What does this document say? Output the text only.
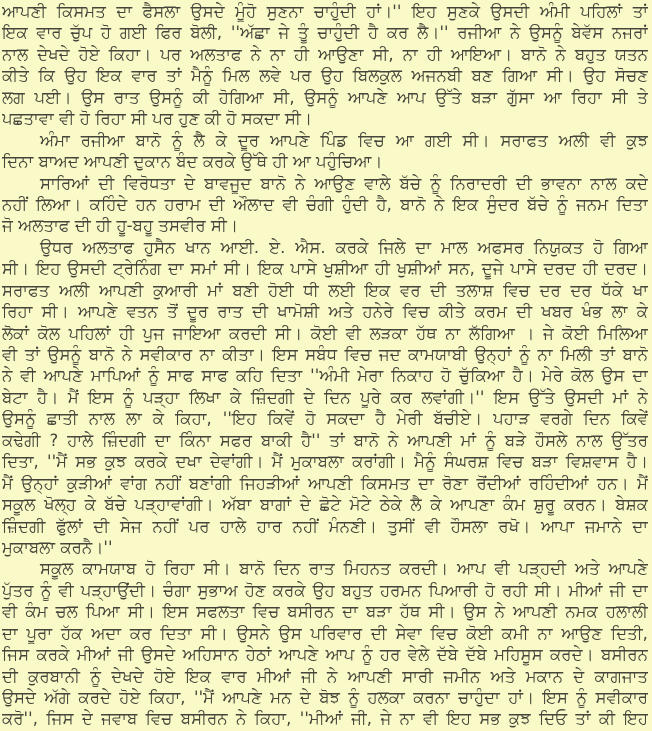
ਆਪਣੀ ਕਿਸਮਤ ਦਾ ਫੈਸਲਾ ਉਸਦੇ ਮੂੰਹੋ ਸੁਣਨਾ ਚਾਹੁੰਦੀ ਹਾਂ।'' ਇਹ ਸੁਣਕੇ ਉਸਦੀ ਅੰਮੀ ਪਹਿਲਾਂ ਤਾਂ
ਇਕ ਵਾਰ ਚੁੱਪ ਹੋ ਗਈ ਫਿਰ ਬੋਲੀ, ''ਅੱਛਾ ਜੇ ਤੂੰ ਚਾਹੁੰਦੀ ਹੈ ਕਰ ਲੈ।'' ਰਜੀਆ ਨੇ ਉਸਨੂੰ ਬੇਵੱਸ ਨਜਰਾਂ
ਨਾਲ ਦੇਖਦੇ ਹੋਏ ਕਿਹਾ। ਪਰ ਅਲਤਾਫ ਨੇ ਨਾ ਹੀ ਆਉਣਾ ਸੀ, ਨਾ ਹੀ ਆਇਆ। ਬਾਨੋ ਨੇ ਬਹੁਤ ਯਤਨ
ਕੀਤੇ ਕਿ ਉਹ ਇਕ ਵਾਰ ਤਾਂ ਮੈਨੂੰ ਮਿਲ ਲਵੇ ਪਰ ਉਹ ਬਿਲਕੁਲ ਅਜਨਬੀ ਬਣ ਗਿਆ ਸੀ। ਉਹ ਸੋਚਣ
ਲਗ ਪਈ। ਉਸ ਰਾਤ ਉਸਨੂੰ ਕੀ ਹੋਗਿਆ ਸੀ, ਉਸਨੂੰ ਆਪਣੇ ਆਪ ਉੱਤੇ ਬੜਾ ਗੁੱਸਾ ਆ ਰਿਹਾ ਸੀ ਤੇ
ਪਛਤਾਵਾ ਵੀ ਹੋ ਰਿਹਾ ਸੀ ਪਰ ਹੁਣ ਕੀ ਹੋ ਸਕਦਾ ਸੀ।
ਅੰਮਾ ਰਜੀਆ ਬਾਨੋ ਨੂੰ ਲੈ ਕੇ ਦੂਰ ਆਪਣੇ ਪਿੰਡ ਵਿਚ ਆ ਗਈ ਸੀ। ਸਰਾਫਤ ਅਲੀ ਵੀ ਕੁਝ
ਦਿਨਾ ਬਾਅਦ ਆਪਣੀ ਦੁਕਾਨ ਬੰਦ ਕਰਕੇ ਉੱਥੇ ਹੀ ਆ ਪਹੁੰਚਿਆ।
ਸਾਰਿਆਂ ਦੀ ਵਿਰੋਧਤਾ ਦੇ ਬਾਵਜੂਦ ਬਾਨੋ ਨੇ ਆਉਣ ਵਾਲੇ ਬੱਚੇ ਨੂੰ ਨਿਰਾਦਰੀ ਦੀ ਭਾਵਨਾ ਨਾਲ ਕਦੇ
ਨਹੀਂ ਲਿਆ। ਕਹਿੰਦੇ ਹਨ ਹਰਾਮ ਦੀ ਔਲਾਦ ਵੀ ਚੰਗੀ ਹੁੰਦੀ ਹੈ, ਬਾਨੋ ਨੇ ਇਕ ਸੁੰਦਰ ਬੱਚੇ ਨੂੰ ਜਨਮ ਦਿਤਾ
ਜੋ ਅਲਤਾਫ ਦੀ ਹੀ ਹੂ-ਬਹੂ ਤਸਵੀਰ ਸੀ।
ਉਧਰ ਅਲਤਾਫ ਹੁਸੈਨ ਖਾਨ ਆਈ. ਏ. ਐਸ. ਕਰਕੇ ਜਿਲੇ ਦਾ ਮਾਲ ਅਫਸਰ ਨਿਯੁਕਤ ਹੋ ਗਿਆ
ਸੀ। ਇਹ ਉਸਦੀ ਟ੍ਰੇਨਿੰਗ ਦਾ ਸਮਾਂ ਸੀ। ਇਕ ਪਾਸੇ ਖੁਸ਼ੀਆ ਹੀ ਖੁਸ਼ੀਆਂ ਸਨ, ਦੂਜੇ ਪਾਸੇ ਦਰਦ ਹੀ ਦਰਦ।
ਸਰਾਫਤ ਅਲੀ ਆਪਣੀ ਕੁਆਰੀ ਮਾਂ ਬਣੀ ਹੋਈ ਧੀ ਲਈ ਇਕ ਵਰ ਦੀ ਤਲਾਸ਼ ਵਿਚ ਦਰ ਦਰ ਧੱਕੇ ਖਾ
ਰਿਹਾ ਸੀ। ਆਪਣੇ ਵਤਨ ਤੋਂ ਦੂਰ ਰਾਤ ਦੀ ਖਾਮੋਸ਼ੀ ਅਤੇ ਹਨੇਰੇ ਵਿਚ ਕੀਤੇ ਕਰਮ ਦੀ ਖਬਰ ਖੰਭ ਲਾ ਕੇ
ਲੋਕਾਂ ਕੋਲ ਪਹਿਲਾਂ ਹੀ ਪੁਜ ਜਾਇਆ ਕਰਦੀ ਸੀ। ਕੋਈ ਵੀ ਲੜਕਾ ਹੱਥ ਨਾ ਲੱਗਿਆ । ਜੇ ਕੋਈ ਮਿਲਿਆ
ਵੀ ਤਾਂ ਉਸਨੂੰ ਬਾਨੋ ਨੇ ਸਵੀਕਾਰ ਨਾ ਕੀਤਾ। ਇਸ ਸਬੰਧ ਵਿਚ ਜਦ ਕਾਮਯਾਬੀ ਉਨ੍ਹਾਂ ਨੂੰ ਨਾ ਮਿਲੀ ਤਾਂ ਬਾਨੋ
ਨੇ ਵੀ ਆਪਣੇ ਮਾਪਿਆਂ ਨੂੰ ਸਾਫ ਸਾਫ ਕਹਿ ਦਿਤਾ ''ਅੰਮੀ ਮੇਰਾ ਨਿਕਾਹ ਹੋ ਚੁੱਕਿਆ ਹੈ। ਮੇਰੇ ਕੋਲ ਉਸ ਦਾ
ਬੇਟਾ ਹੈ। ਮੈਂ ਇਸ ਨੂੰ ਪੜ੍ਹਾ ਲਿਖਾ ਕੇ ਜ਼ਿੰਦਗੀ ਦੇ ਦਿਨ ਪੂਰੇ ਕਰ ਲਵਾਂਗੀ।'' ਇਸ ਉੱਤੇ ਉਸਦੀ ਮਾਂ ਨੇ
ਉਸਨੂੰ ਛਾਤੀ ਨਾਲ ਲਾ ਕੇ ਕਿਹਾ, ''ਇਹ ਕਿਵੇਂ ਹੋ ਸਕਦਾ ਹੈ ਮੇਰੀ ਬੱਚੀਏ। ਪਹਾੜ ਵਰਗੇ ਦਿਨ ਕਿਵੇਂ
ਕਢੇਗੀ ? ਹਾਲੇ ਜ਼ਿੰਦਗੀ ਦਾ ਕਿੰਨਾ ਸਫਰ ਬਾਕੀ ਹੈ'' ਤਾਂ ਬਾਨੋ ਨੇ ਆਪਣੀ ਮਾਂ ਨੂੰ ਬੜੇ ਹੌਸਲੇ ਨਾਲ ਉੱਤਰ
ਦਿਤਾ, ''ਮੈਂ ਸਭ ਕੁਝ ਕਰਕੇ ਦਖਾ ਦੇਵਾਂਗੀ। ਮੈਂ ਮੁਕਾਬਲਾ ਕਰਾਂਗੀ। ਮੈਨੂੰ ਸੰਘਰਸ਼ ਵਿਚ ਬੜਾ ਵਿਸ਼ਵਾਸ ਹੈ।
ਮੈਂ ਉਨ੍ਹਾਂ ਕੁੜੀਆਂ ਵਾਂਗ ਨਹੀਂ ਬਣਾਂਗੀ ਜਿਹੜੀਆਂ ਆਪਣੀ ਕਿਸਮਤ ਦਾ ਰੋਣਾ ਰੋਂਦੀਆਂ ਰਹਿੰਦੀਆਂ ਹਨ। ਮੈਂ
ਸਕੂਲ ਖੋਲ੍ਹ ਕੇ ਬੱਚੇ ਪੜ੍ਹਾਵਾਂਗੀ। ਅੱਬਾ ਬਾਗਾਂ ਦੇ ਛੋਟੇ ਮੋਟੇ ਠੇਕੇ ਲੈ ਕੇ ਆਪਣਾ ਕੰਮ ਸ਼ੁਰੂ ਕਰਨ। ਬੇਸ਼ਕ
ਜ਼ਿੰਦਗੀ ਫੁੱਲਾਂ ਦੀ ਸੇਜ ਨਹੀਂ ਪਰ ਹਾਲੇ ਹਾਰ ਨਹੀਂ ਮੰਨਣੀ। ਤੁਸੀਂ ਵੀ ਹੌਸਲਾ ਰਖੋ। ਆਪਾ ਜਮਾਨੇ ਦਾ
ਮੁਕਾਬਲਾ ਕਰਨੈ।''
ਸਕੂਲ ਕਾਮਯਾਬ ਹੋ ਰਿਹਾ ਸੀ। ਬਾਨੋ ਦਿਨ ਰਾਤ ਮਿਹਨਤ ਕਰਦੀ। ਆਪ ਵੀ ਪੜ੍ਹਦੀ ਅਤੇ ਆਪਣੇ
ਪੁੱਤਰ ਨੂੰ ਵੀ ਪੜ੍ਹਾਉਂਦੀ। ਚੰਗਾ ਸੁਭਾਅ ਹੋਣ ਕਰਕੇ ਉਹ ਬਹੁਤ ਹਰਮਨ ਪਿਆਰੀ ਹੋ ਰਹੀ ਸੀ। ਮੀਆਂ ਜੀ ਦਾ
ਵੀ ਕੰਮ ਚਲ ਪਿਆ ਸੀ। ਇਸ ਸਫਲਤਾ ਵਿਚ ਬਸੀਰਨ ਦਾ ਬੜਾ ਹੱਥ ਸੀ। ਉਸ ਨੇ ਆਪਣੀ ਨਮਕ ਹਲਾਲੀ
ਦਾ ਪੂਰਾ ਹੱਕ ਅਦਾ ਕਰ ਦਿਤਾ ਸੀ। ਉਸਨੇ ਉਸ ਪਰਿਵਾਰ ਦੀ ਸੇਵਾ ਵਿਚ ਕੋਈ ਕਮੀ ਨਾ ਆਉਣ ਦਿਤੀ,
ਜਿਸ ਕਰਕੇ ਮੀਆਂ ਜੀ ਉਸਦੇ ਅਹਿਸਾਨ ਹੇਠਾਂ ਆਪਣੇ ਆਪ ਨੂੰ ਹਰ ਵੇਲੇ ਦੱਬੇ ਦੱਬੇ ਮਹਿਸੂਸ ਕਰਦੇ। ਬਸੀਰਨ
ਦੀ ਕੁਰਬਾਨੀ ਨੂੰ ਦੇਖਦੇ ਹੋਏ ਇਕ ਵਾਰ ਮੀਆਂ ਜੀ ਨੇ ਆਪਣੀ ਸਾਰੀ ਜਮੀਨ ਅਤੇ ਮਕਾਨ ਦੇ ਕਾਗਜਾਤ
ਉਸਦੇ ਅੱਗੇ ਕਰਦੇ ਹੋਏ ਕਿਹਾ, ''ਮੈਂ ਆਪਣੇ ਮਨ ਦੇ ਬੋਝ ਨੂੰ ਹਲਕਾ ਕਰਨਾ ਚਾਹੁੰਦਾ ਹਾਂ। ਇਸ ਨੂੰ ਸਵੀਕਾਰ
ਕਰੋ'', ਜਿਸ ਦੇ ਜਵਾਬ ਵਿਚ ਬਸੀਰਨ ਨੇ ਕਿਹਾ, ''ਮੀਆਂ ਜੀ, ਜੇ ਨਾ ਵੀ ਇਹ ਸਭ ਕੁਝ ਦਿਓ ਤਾਂ ਕੀ ਇਹ
